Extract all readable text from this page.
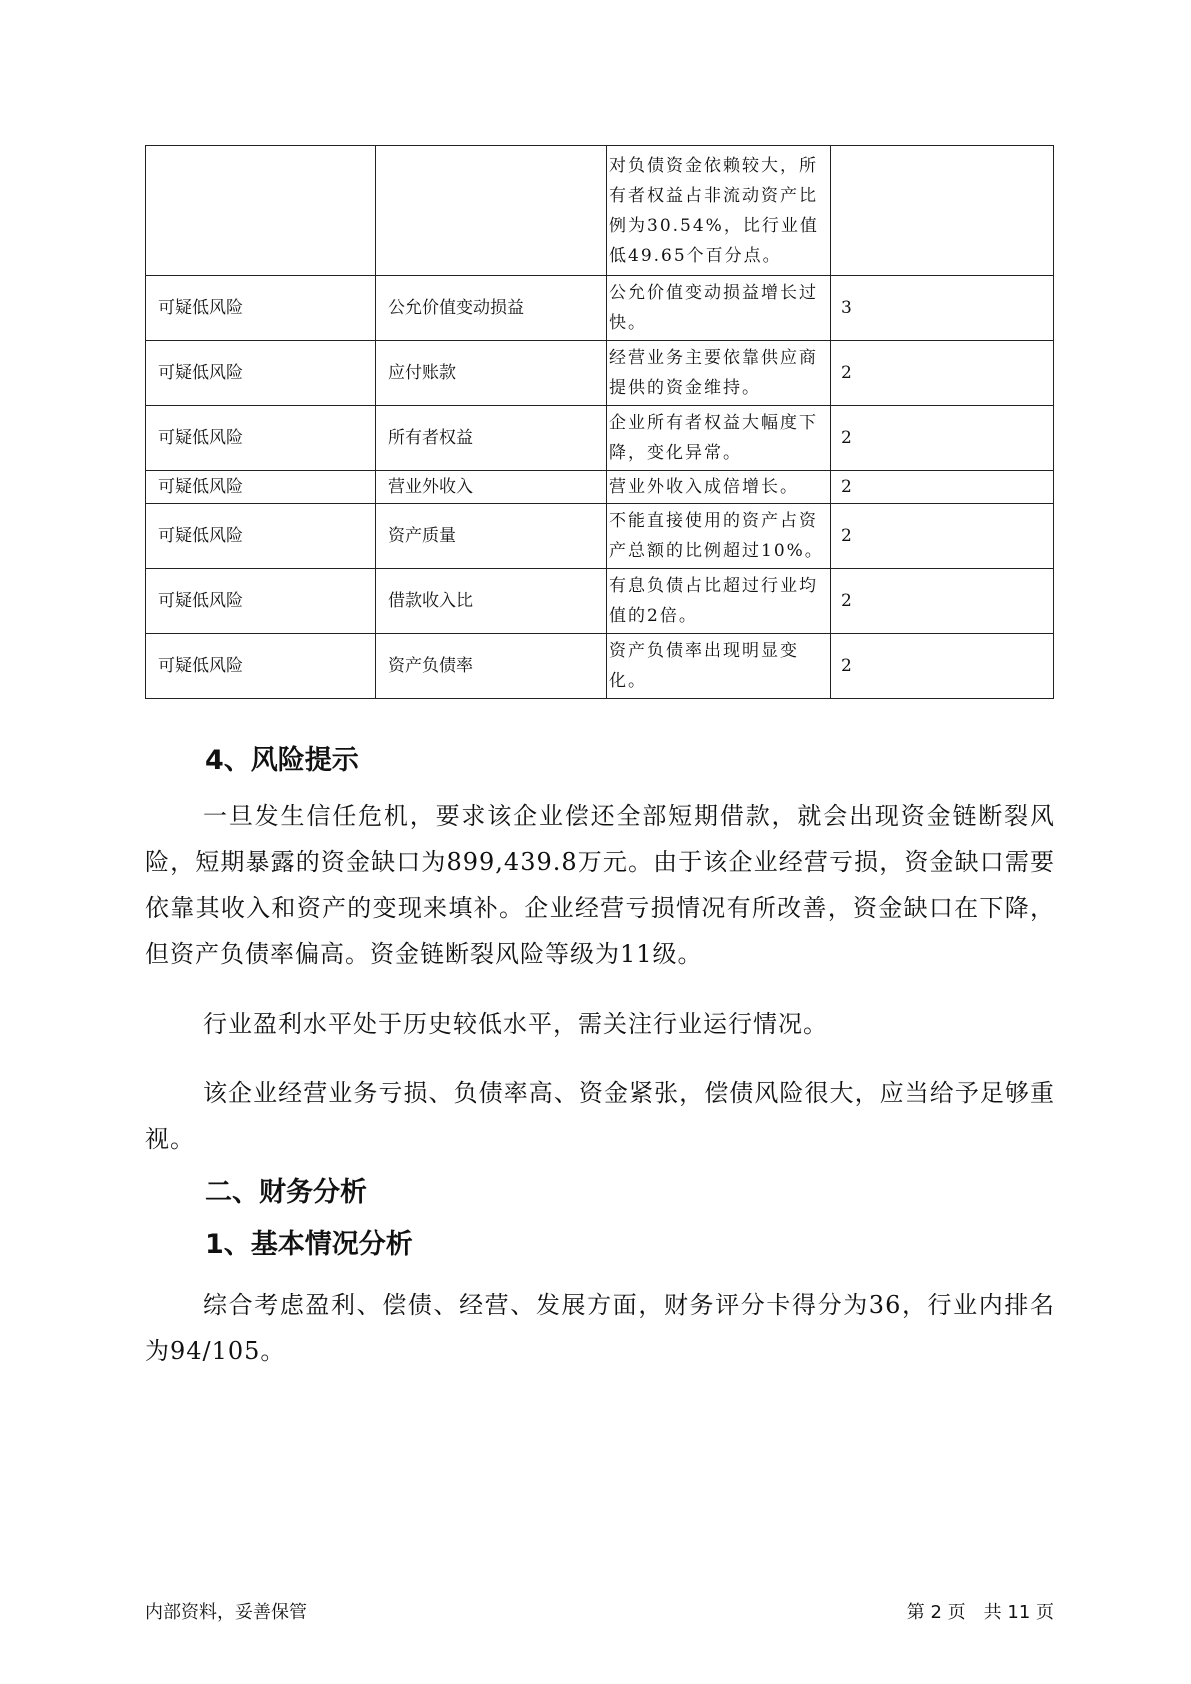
		对负债资金依赖较大，所有者权益占非流动资产比例为30.54%，比行业值低49.65个百分点。	
可疑低风险	公允价值变动损益	公允价值变动损益增长过快。	3
可疑低风险	应付账款	经营业务主要依靠供应商提供的资金维持。	2
可疑低风险	所有者权益	企业所有者权益大幅度下降，变化异常。	2
可疑低风险	营业外收入	营业外收入成倍增长。	2
可疑低风险	资产质量	不能直接使用的资产占资产总额的比例超过10%。	2
可疑低风险	借款收入比	有息负债占比超过行业均值的2倍。	2
可疑低风险	资产负债率	资产负债率出现明显变化。	2
4、风险提示
一旦发生信任危机，要求该企业偿还全部短期借款，就会出现资金链断裂风险，短期暴露的资金缺口为899,439.8万元。由于该企业经营亏损，资金缺口需要依靠其收入和资产的变现来填补。企业经营亏损情况有所改善，资金缺口在下降，但资产负债率偏高。资金链断裂风险等级为11级。
行业盈利水平处于历史较低水平，需关注行业运行情况。
该企业经营业务亏损、负债率高、资金紧张，偿债风险很大，应当给予足够重视。
二、财务分析
1、基本情况分析
综合考虑盈利、偿债、经营、发展方面，财务评分卡得分为36，行业内排名为94/105。
内部资料，妥善保管	第 2 页　共 11 页
